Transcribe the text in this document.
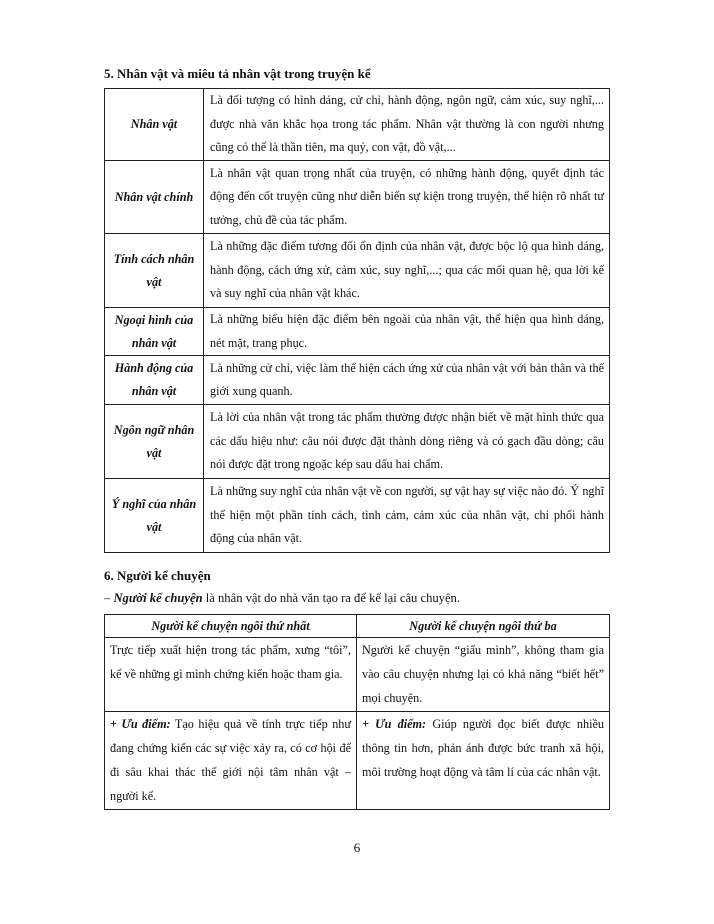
5. Nhân vật và miêu tả nhân vật trong truyện kể
Nhân vật	Là đối tượng có hình dáng, cử chỉ, hành động, ngôn ngữ, cảm xúc, suy nghĩ,... được nhà văn khắc họa trong tác phẩm. Nhân vật thường là con người nhưng cũng có thể là thần tiên, ma quỷ, con vật, đồ vật,...
Nhân vật chính	Là nhân vật quan trọng nhất của truyện, có những hành động, quyết định tác động đến cốt truyện cũng như diễn biến sự kiện trong truyện, thể hiện rõ nhất tư tưởng, chủ đề của tác phẩm.
Tính cách nhân vật	Là những đặc điểm tương đối ổn định của nhân vật, được bộc lộ qua hình dáng, hành động, cách ứng xử, cảm xúc, suy nghĩ,...; qua các mối quan hệ, qua lời kể và suy nghĩ của nhân vật khác.
Ngoại hình của nhân vật	Là những biểu hiện đặc điểm bên ngoài của nhân vật, thể hiện qua hình dáng, nét mặt, trang phục.
Hành động của nhân vật	Là những cử chỉ, việc làm thể hiện cách ứng xử của nhân vật với bản thân và thế giới xung quanh.
Ngôn ngữ nhân vật	Là lời của nhân vật trong tác phẩm thường được nhận biết về mặt hình thức qua các dấu hiệu như: câu nói được đặt thành dòng riêng và có gạch đầu dòng; câu nói được đặt trong ngoặc kép sau dấu hai chấm.
Ý nghĩ của nhân vật	Là những suy nghĩ của nhân vật về con người, sự vật hay sự việc nào đó. Ý nghĩ thể hiện một phần tính cách, tình cảm, cảm xúc của nhân vật, chi phối hành động của nhân vật.
6. Người kể chuyện
– Người kể chuyện là nhân vật do nhà văn tạo ra để kể lại câu chuyện.
Người kể chuyện ngôi thứ nhất	Người kể chuyện ngôi thứ ba
Trực tiếp xuất hiện trong tác phẩm, xưng “tôi”, kể về những gì mình chứng kiến hoặc tham gia.	Người kể chuyện “giấu mình”, không tham gia vào câu chuyện nhưng lại có khả năng “biết hết” mọi chuyện.
+ Ưu điểm: Tạo hiệu quả về tính trực tiếp như đang chứng kiến các sự việc xảy ra, có cơ hội để đi sâu khai thác thế giới nội tâm nhân vật – người kể.	+ Ưu điểm: Giúp người đọc biết được nhiều thông tin hơn, phản ánh được bức tranh xã hội, môi trường hoạt động và tâm lí của các nhân vật.
6
